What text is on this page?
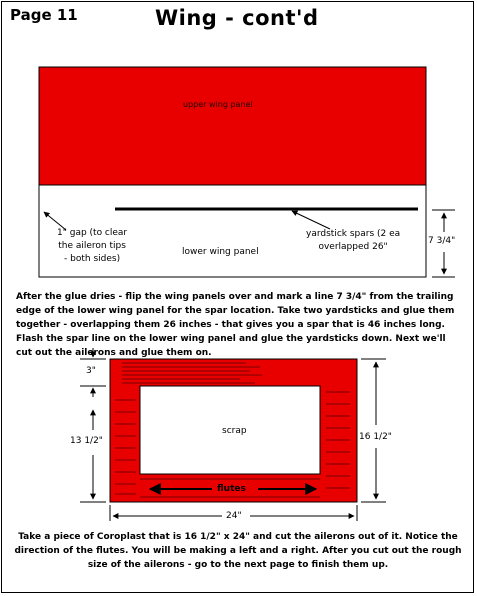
Page 11	Wing - cont'd
upper wing panel
1" gap (to clear
the aileron tips
- both sides)
lower wing panel
yardstick spars (2 ea
overlapped 26"
7 3/4"
After the glue dries - flip the wing panels over and mark a line 7 3/4" from the trailing edge of the lower wing panel for the spar location. Take two yardsticks and glue them together - overlapping them 26 inches - that gives you a spar that is 46 inches long. Flash the spar line on the lower wing panel and glue the yardsticks down. Next we'll cut out the ailerons and glue them on.
3"
13 1/2"	16 1/2"
scrap
flutes
24"
Take a piece of Coroplast that is 16 1/2" x 24" and cut the ailerons out of it. Notice the direction of the flutes. You will be making a left and a right. After you cut out the rough size of the ailerons - go to the next page to finish them up.
